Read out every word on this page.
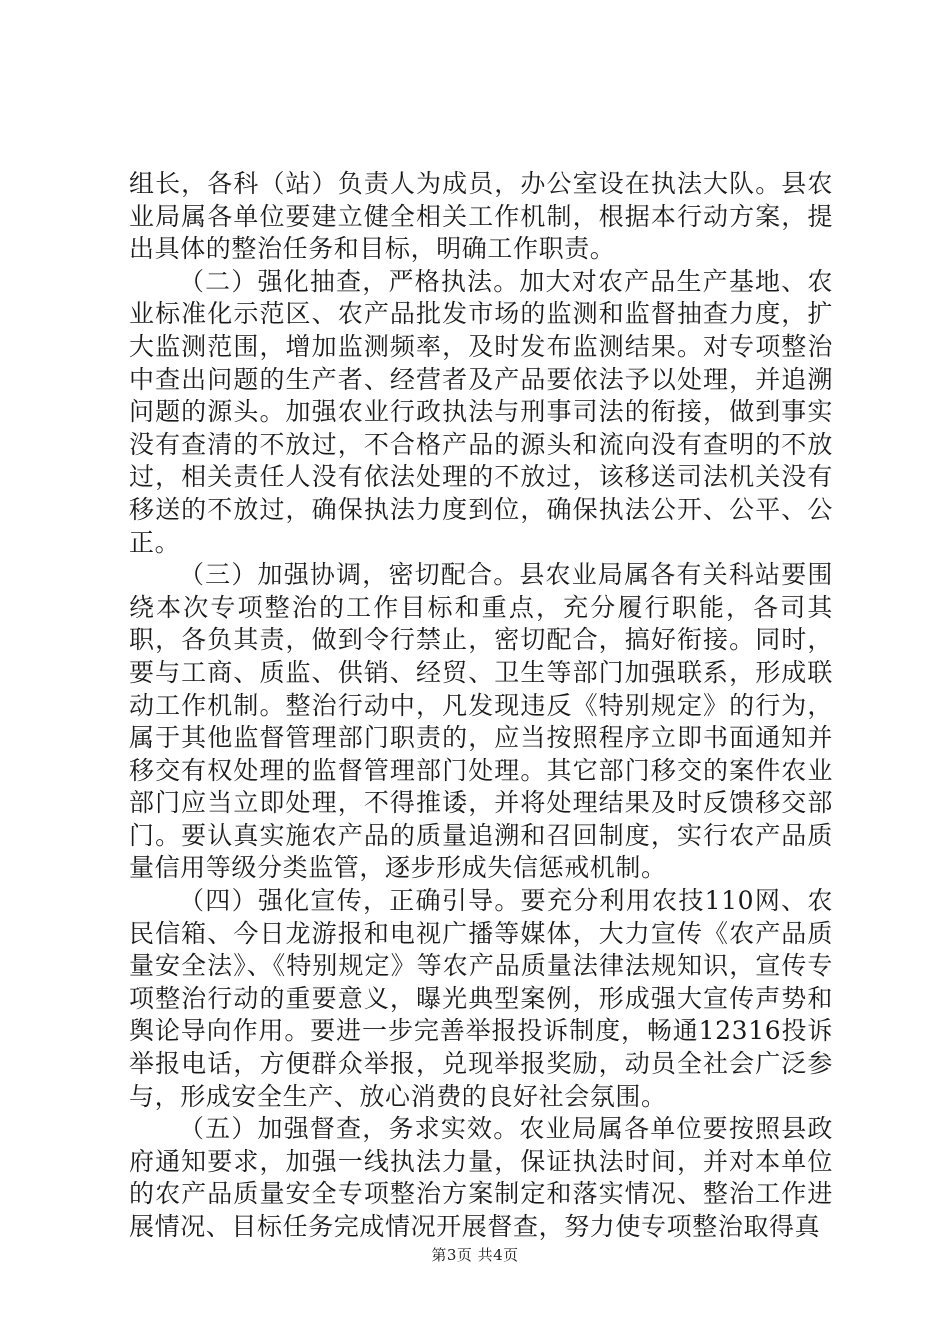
组长，各科（站）负责人为成员，办公室设在执法大队。县农业局属各单位要建立健全相关工作机制，根据本行动方案，提出具体的整治任务和目标，明确工作职责。

（二）强化抽查，严格执法。加大对农产品生产基地、农业标准化示范区、农产品批发市场的监测和监督抽查力度，扩大监测范围，增加监测频率，及时发布监测结果。对专项整治中查出问题的生产者、经营者及产品要依法予以处理，并追溯问题的源头。加强农业行政执法与刑事司法的衔接，做到事实没有查清的不放过，不合格产品的源头和流向没有查明的不放过，相关责任人没有依法处理的不放过，该移送司法机关没有移送的不放过，确保执法力度到位，确保执法公开、公平、公正。

（三）加强协调，密切配合。县农业局属各有关科站要围绕本次专项整治的工作目标和重点，充分履行职能，各司其职，各负其责，做到令行禁止，密切配合，搞好衔接。同时，要与工商、质监、供销、经贸、卫生等部门加强联系，形成联动工作机制。整治行动中，凡发现违反《特别规定》的行为，属于其他监督管理部门职责的，应当按照程序立即书面通知并移交有权处理的监督管理部门处理。其它部门移交的案件农业部门应当立即处理，不得推诿，并将处理结果及时反馈移交部门。要认真实施农产品的质量追溯和召回制度，实行农产品质量信用等级分类监管，逐步形成失信惩戒机制。

（四）强化宣传，正确引导。要充分利用农技110网、农民信箱、今日龙游报和电视广播等媒体，大力宣传《农产品质量安全法》、《特别规定》等农产品质量法律法规知识，宣传专项整治行动的重要意义，曝光典型案例，形成强大宣传声势和舆论导向作用。要进一步完善举报投诉制度，畅通12316投诉举报电话，方便群众举报，兑现举报奖励，动员全社会广泛参与，形成安全生产、放心消费的良好社会氛围。

（五）加强督查，务求实效。农业局属各单位要按照县政府通知要求，加强一线执法力量，保证执法时间，并对本单位的农产品质量安全专项整治方案制定和落实情况、整治工作进展情况、目标任务完成情况开展督查，努力使专项整治取得真

第3页 共4页
